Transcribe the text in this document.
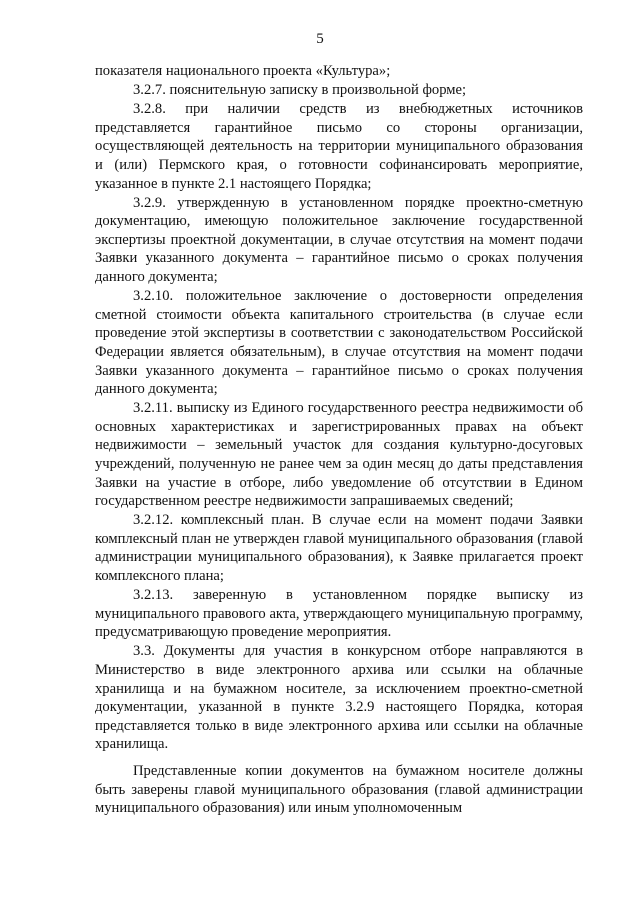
5

показателя национального проекта «Культура»;

3.2.7. пояснительную записку в произвольной форме;

3.2.8. при наличии средств из внебюджетных источников представляется гарантийное письмо со стороны организации, осуществляющей деятельность на территории муниципального образования и (или) Пермского края, о готовности софинансировать мероприятие, указанное в пункте 2.1 настоящего Порядка;

3.2.9. утвержденную в установленном порядке проектно-сметную документацию, имеющую положительное заключение государственной экспертизы проектной документации, в случае отсутствия на момент подачи Заявки указанного документа – гарантийное письмо о сроках получения данного документа;

3.2.10. положительное заключение о достоверности определения сметной стоимости объекта капитального строительства (в случае если проведение этой экспертизы в соответствии с законодательством Российской Федерации является обязательным), в случае отсутствия на момент подачи Заявки указанного документа – гарантийное письмо о сроках получения данного документа;

3.2.11. выписку из Единого государственного реестра недвижимости об основных характеристиках и зарегистрированных правах на объект недвижимости – земельный участок для создания культурно-досуговых учреждений, полученную не ранее чем за один месяц до даты представления Заявки на участие в отборе, либо уведомление об отсутствии в Едином государственном реестре недвижимости запрашиваемых сведений;

3.2.12. комплексный план. В случае если на момент подачи Заявки комплексный план не утвержден главой муниципального образования (главой администрации муниципального образования), к Заявке прилагается проект комплексного плана;

3.2.13. заверенную в установленном порядке выписку из муниципального правового акта, утверждающего муниципальную программу, предусматривающую проведение мероприятия.

3.3. Документы для участия в конкурсном отборе направляются в Министерство в виде электронного архива или ссылки на облачные хранилища и на бумажном носителе, за исключением проектно-сметной документации, указанной в пункте 3.2.9 настоящего Порядка, которая представляется только в виде электронного архива или ссылки на облачные хранилища.

Представленные копии документов на бумажном носителе должны быть заверены главой муниципального образования (главой администрации муниципального образования) или иным уполномоченным
